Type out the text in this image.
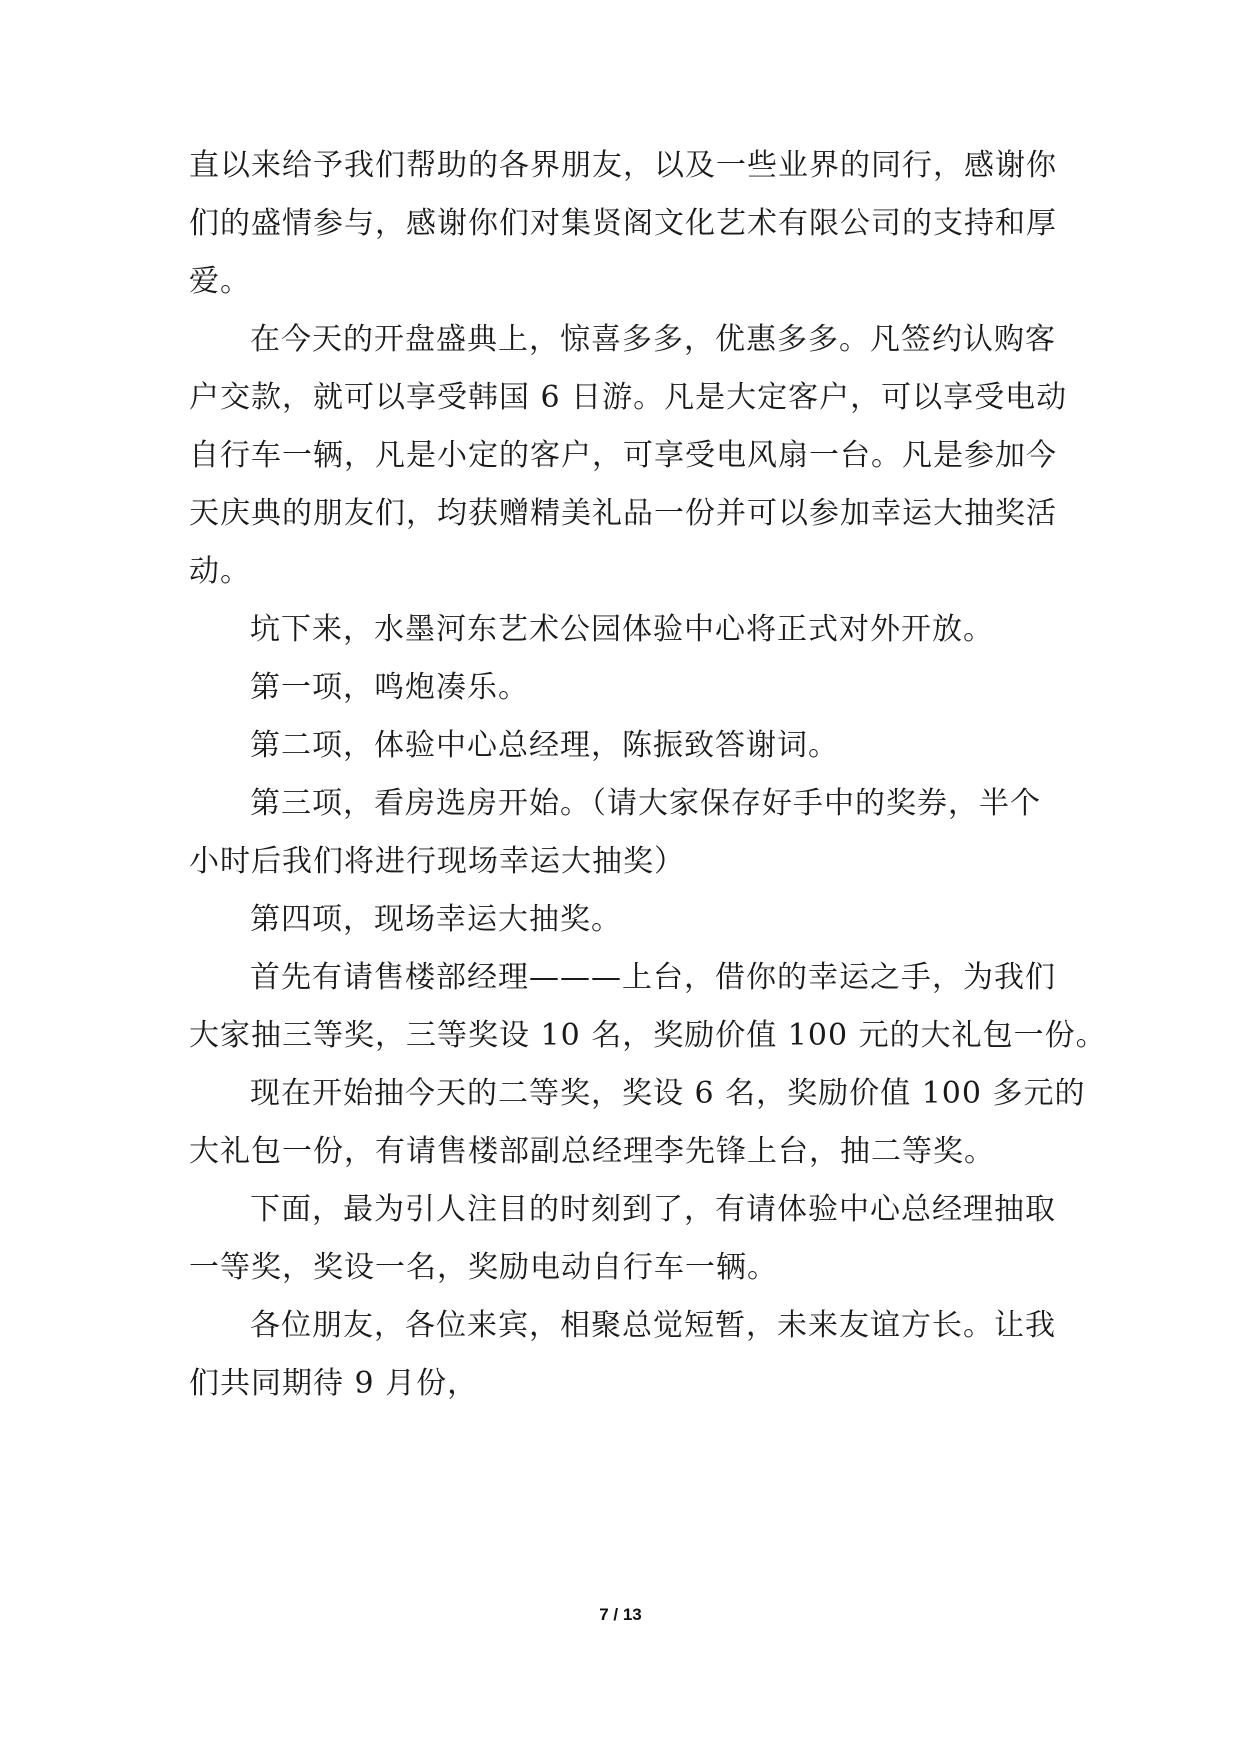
直以来给予我们帮助的各界朋友，以及一些业界的同行，感谢你

们的盛情参与，感谢你们对集贤阁文化艺术有限公司的支持和厚

爱。

在今天的开盘盛典上，惊喜多多，优惠多多。凡签约认购客

户交款，就可以享受韩国 6 日游。凡是大定客户，可以享受电动

自行车一辆，凡是小定的客户，可享受电风扇一台。凡是参加今

天庆典的朋友们，均获赠精美礼品一份并可以参加幸运大抽奖活

动。

坑下来，水墨河东艺术公园体验中心将正式对外开放。

第一项，鸣炮凑乐。

第二项，体验中心总经理，陈振致答谢词。

第三项，看房选房开始。（请大家保存好手中的奖券，半个

小时后我们将进行现场幸运大抽奖）

第四项，现场幸运大抽奖。

首先有请售楼部经理———上台，借你的幸运之手，为我们

大家抽三等奖，三等奖设 10 名，奖励价值 100 元的大礼包一份。

现在开始抽今天的二等奖，奖设 6 名，奖励价值 100 多元的

大礼包一份，有请售楼部副总经理李先锋上台，抽二等奖。

下面，最为引人注目的时刻到了，有请体验中心总经理抽取

一等奖，奖设一名，奖励电动自行车一辆。

各位朋友，各位来宾，相聚总觉短暂，未来友谊方长。让我

们共同期待 9 月份，

7 / 13
